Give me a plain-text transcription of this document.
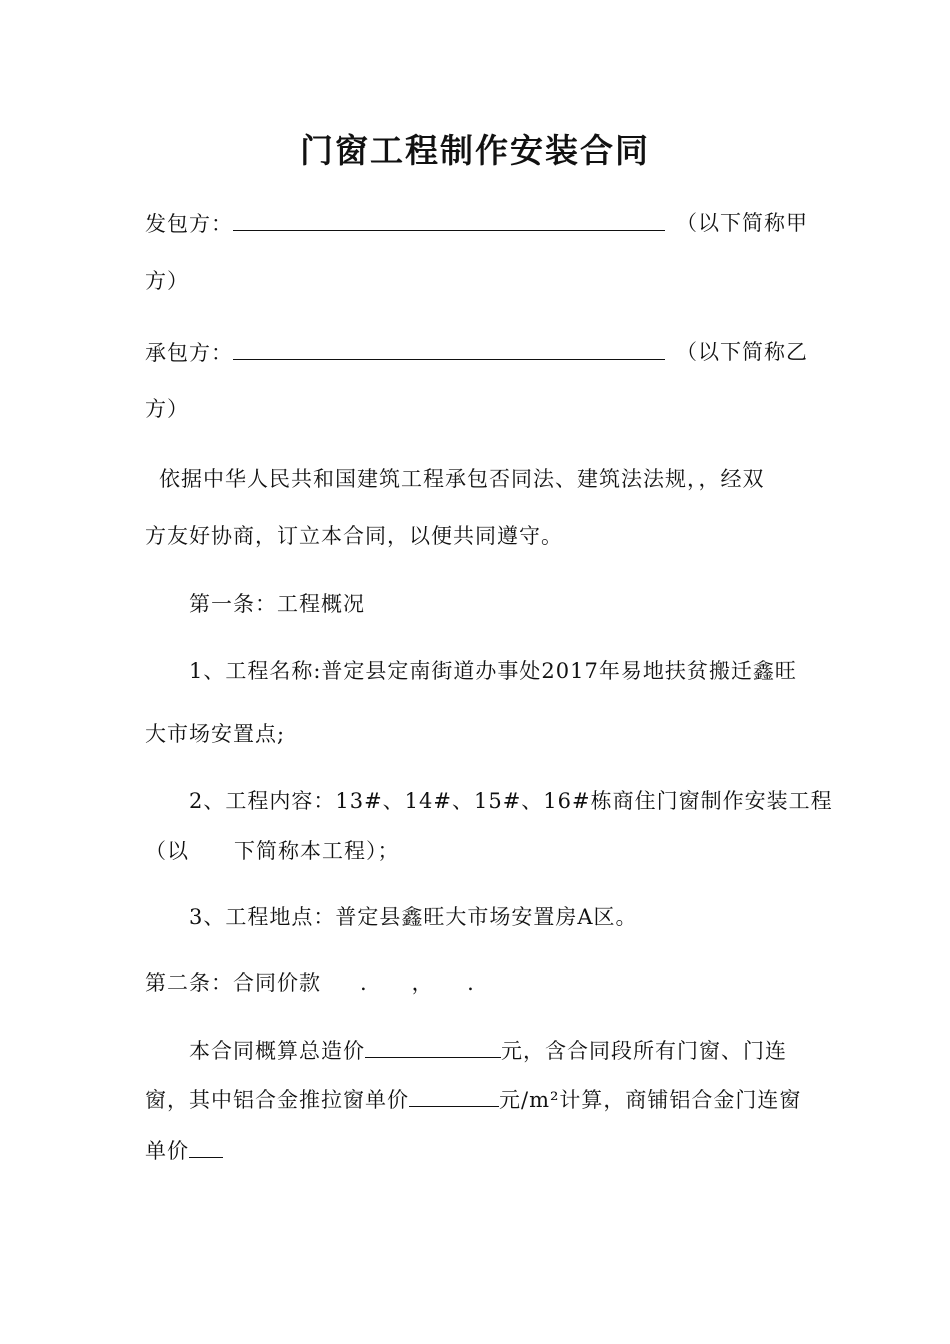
门窗工程制作安装合同
发包方：	（以下简称甲
方）
承包方：	（以下简称乙
方）
依据中华人民共和国建筑工程承包否同法、建筑法法规，，经双
方友好协商，订立本合同，以便共同遵守。
第一条：工程概况
1、工程名称:普定县定南街道办事处2017年易地扶贫搬迁鑫旺
大市场安置点;
2、工程内容：13#、14#、15#、16#栋商住门窗制作安装工程
（以 下简称本工程）；
3、工程地点：普定县鑫旺大市场安置房A区。
第二条：合同价款 .　　，　　.
本合同概算总造价	元，含合同段所有门窗、门连
窗，其中铝合金推拉窗单价	元/m²计算，商铺铝合金门连窗
单价
